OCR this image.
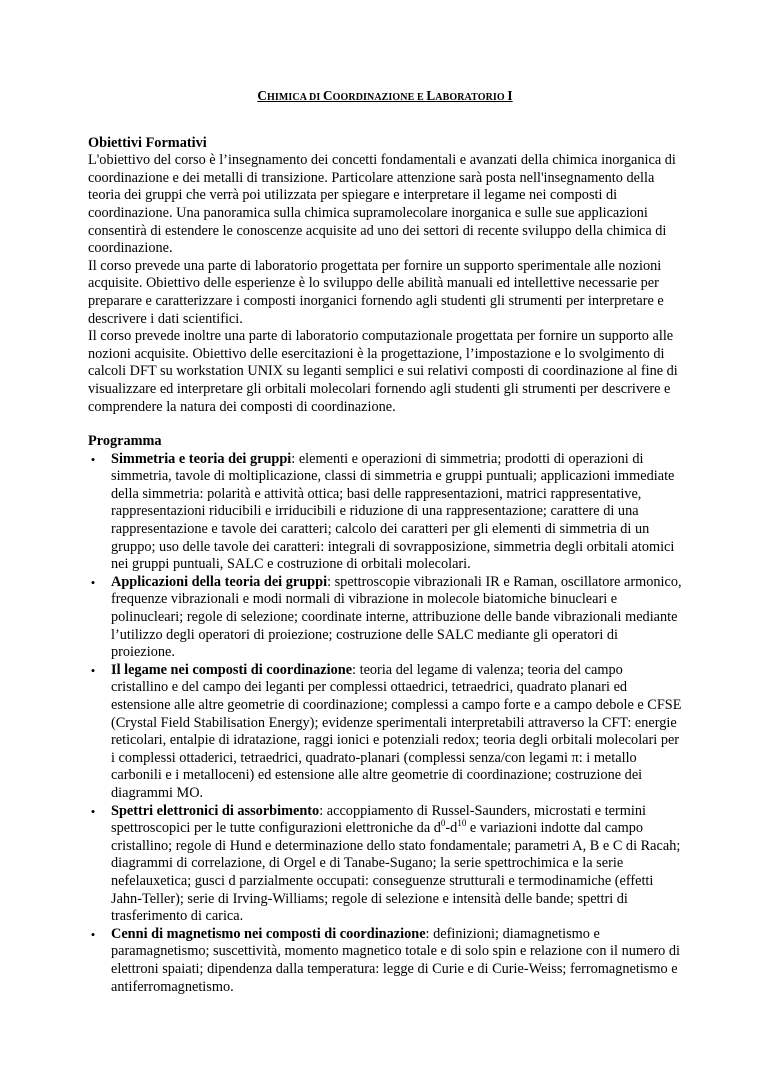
CHIMICA DI COORDINAZIONE E LABORATORIO I
Obiettivi Formativi

L'obiettivo del corso è l’insegnamento dei concetti fondamentali e avanzati della chimica inorganica di coordinazione e dei metalli di transizione. Particolare attenzione sarà posta nell'insegnamento della teoria dei gruppi che verrà poi utilizzata per spiegare e interpretare il legame nei composti di coordinazione. Una panoramica sulla chimica supramolecolare inorganica e sulle sue applicazioni consentirà di estendere le conoscenze acquisite ad uno dei settori di recente sviluppo della chimica di coordinazione.

Il corso prevede una parte di laboratorio progettata per fornire un supporto sperimentale alle nozioni acquisite. Obiettivo delle esperienze è lo sviluppo delle abilità manuali ed intellettive necessarie per preparare e caratterizzare i composti inorganici fornendo agli studenti gli strumenti per interpretare e descrivere i dati scientifici.

Il corso prevede inoltre una parte di laboratorio computazionale progettata per fornire un supporto alle nozioni acquisite. Obiettivo delle esercitazioni è la progettazione, l’impostazione e lo svolgimento di calcoli DFT su workstation UNIX su leganti semplici e sui relativi composti di coordinazione al fine di visualizzare ed interpretare gli orbitali molecolari fornendo agli studenti gli strumenti per descrivere e comprendere la natura dei composti di coordinazione.

Programma
• Simmetria e teoria dei gruppi: elementi e operazioni di simmetria; prodotti di operazioni di simmetria, tavole di moltiplicazione, classi di simmetria e gruppi puntuali; applicazioni immediate della simmetria: polarità e attività ottica; basi delle rappresentazioni, matrici rappresentative, rappresentazioni riducibili e irriducibili e riduzione di una rappresentazione; carattere di una rappresentazione e tavole dei caratteri; calcolo dei caratteri per gli elementi di simmetria di un gruppo; uso delle tavole dei caratteri: integrali di sovrapposizione, simmetria degli orbitali atomici nei gruppi puntuali, SALC e costruzione di orbitali molecolari.
• Applicazioni della teoria dei gruppi: spettroscopie vibrazionali IR e Raman, oscillatore armonico, frequenze vibrazionali e modi normali di vibrazione in molecole biatomiche binucleari e polinucleari; regole di selezione; coordinate interne, attribuzione delle bande vibrazionali mediante l’utilizzo degli operatori di proiezione; costruzione delle SALC mediante gli operatori di proiezione.
• Il legame nei composti di coordinazione: teoria del legame di valenza; teoria del campo cristallino e del campo dei leganti per complessi ottaedrici, tetraedrici, quadrato planari ed estensione alle altre geometrie di coordinazione; complessi a campo forte e a campo debole e CFSE (Crystal Field Stabilisation Energy); evidenze sperimentali interpretabili attraverso la CFT: energie reticolari, entalpie di idratazione, raggi ionici e potenziali redox; teoria degli orbitali molecolari per i complessi ottaderici, tetraedrici, quadrato-planari (complessi senza/con legami π: i metallo carbonili e i metalloceni) ed estensione alle altre geometrie di coordinazione; costruzione dei diagrammi MO.
• Spettri elettronici di assorbimento: accoppiamento di Russel-Saunders, microstati e termini spettroscopici per le tutte configurazioni elettroniche da $d^0-d^{10}$ e variazioni indotte dal campo cristallino; regole di Hund e determinazione dello stato fondamentale; parametri A, B e C di Racah; diagrammi di correlazione, di Orgel e di Tanabe-Sugano; la serie spettrochimica e la serie nefelauxetica; gusci d parzialmente occupati: conseguenze strutturali e termodinamiche (effetti Jahn-Teller); serie di Irving-Williams; regole di selezione e intensità delle bande; spettri di trasferimento di carica.
• Cenni di magnetismo nei composti di coordinazione: definizioni; diamagnetismo e paramagnetismo; suscettività, momento magnetico totale e di solo spin e relazione con il numero di elettroni spaiati; dipendenza dalla temperatura: legge di Curie e di Curie-Weiss; ferromagnetismo e antiferromagnetismo.
